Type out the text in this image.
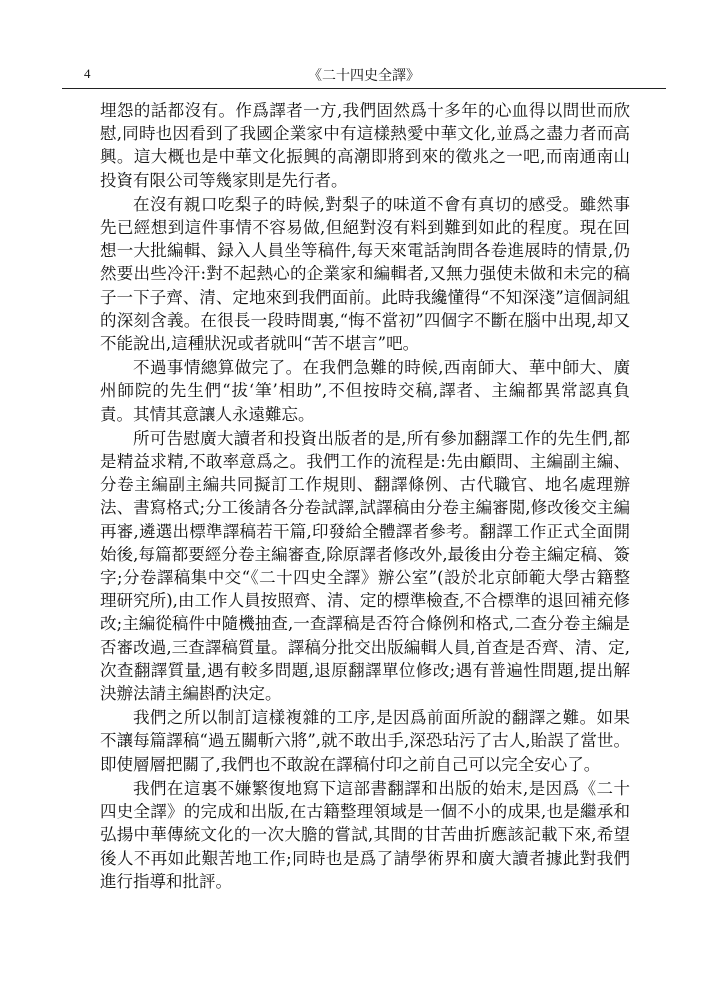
4	《二十四史全譯》

埋怨的話都沒有。作爲譯者一方,我們固然爲十多年的心血得以問世而欣慰,同時也因看到了我國企業家中有這樣熱愛中華文化,並爲之盡力者而高興。這大概也是中華文化振興的高潮即將到來的徵兆之一吧,而南通南山投資有限公司等幾家則是先行者。

在沒有親口吃梨子的時候,對梨子的味道不會有真切的感受。雖然事先已經想到這件事情不容易做,但絕對沒有料到難到如此的程度。現在回想一大批編輯、録入人員坐等稿件,每天來電話詢問各卷進展時的情景,仍然要出些冷汗:對不起熱心的企業家和編輯者,又無力强使未做和未完的稿子一下子齊、清、定地來到我們面前。此時我纔懂得“不知深淺”這個詞組的深刻含義。在很長一段時間裏,“悔不當初”四個字不斷在腦中出現,却又不能說出,這種狀況或者就叫“苦不堪言”吧。

不過事情總算做完了。在我們急難的時候,西南師大、華中師大、廣州師院的先生們“拔‘筆’相助”,不但按時交稿,譯者、主編都異常認真負責。其情其意讓人永遠難忘。

所可告慰廣大讀者和投資出版者的是,所有參加翻譯工作的先生們,都是精益求精,不敢率意爲之。我們工作的流程是:先由顧問、主編副主編、分卷主編副主編共同擬訂工作規則、翻譯條例、古代職官、地名處理辦法、書寫格式;分工後請各分卷試譯,試譯稿由分卷主編審閲,修改後交主編再審,遴選出標準譯稿若干篇,印發給全體譯者參考。翻譯工作正式全面開始後,每篇都要經分卷主編審查,除原譯者修改外,最後由分卷主編定稿、簽字;分卷譯稿集中交“《二十四史全譯》辦公室”(設於北京師範大學古籍整理研究所),由工作人員按照齊、清、定的標準檢查,不合標準的退回補充修改;主編從稿件中隨機抽查,一查譯稿是否符合條例和格式,二查分卷主編是否審改過,三查譯稿質量。譯稿分批交出版編輯人員,首查是否齊、清、定,次查翻譯質量,遇有較多問題,退原翻譯單位修改;遇有普遍性問題,提出解決辦法請主編斟酌決定。

我們之所以制訂這樣複雜的工序,是因爲前面所說的翻譯之難。如果不讓每篇譯稿“過五關斬六將”,就不敢出手,深恐玷污了古人,貽誤了當世。即使層層把關了,我們也不敢說在譯稿付印之前自己可以完全安心了。

我們在這裏不嫌繁復地寫下這部書翻譯和出版的始末,是因爲《二十四史全譯》的完成和出版,在古籍整理領域是一個不小的成果,也是繼承和弘揚中華傳統文化的一次大膽的嘗試,其間的甘苦曲折應該記載下來,希望後人不再如此艱苦地工作;同時也是爲了請學術界和廣大讀者據此對我們進行指導和批評。
